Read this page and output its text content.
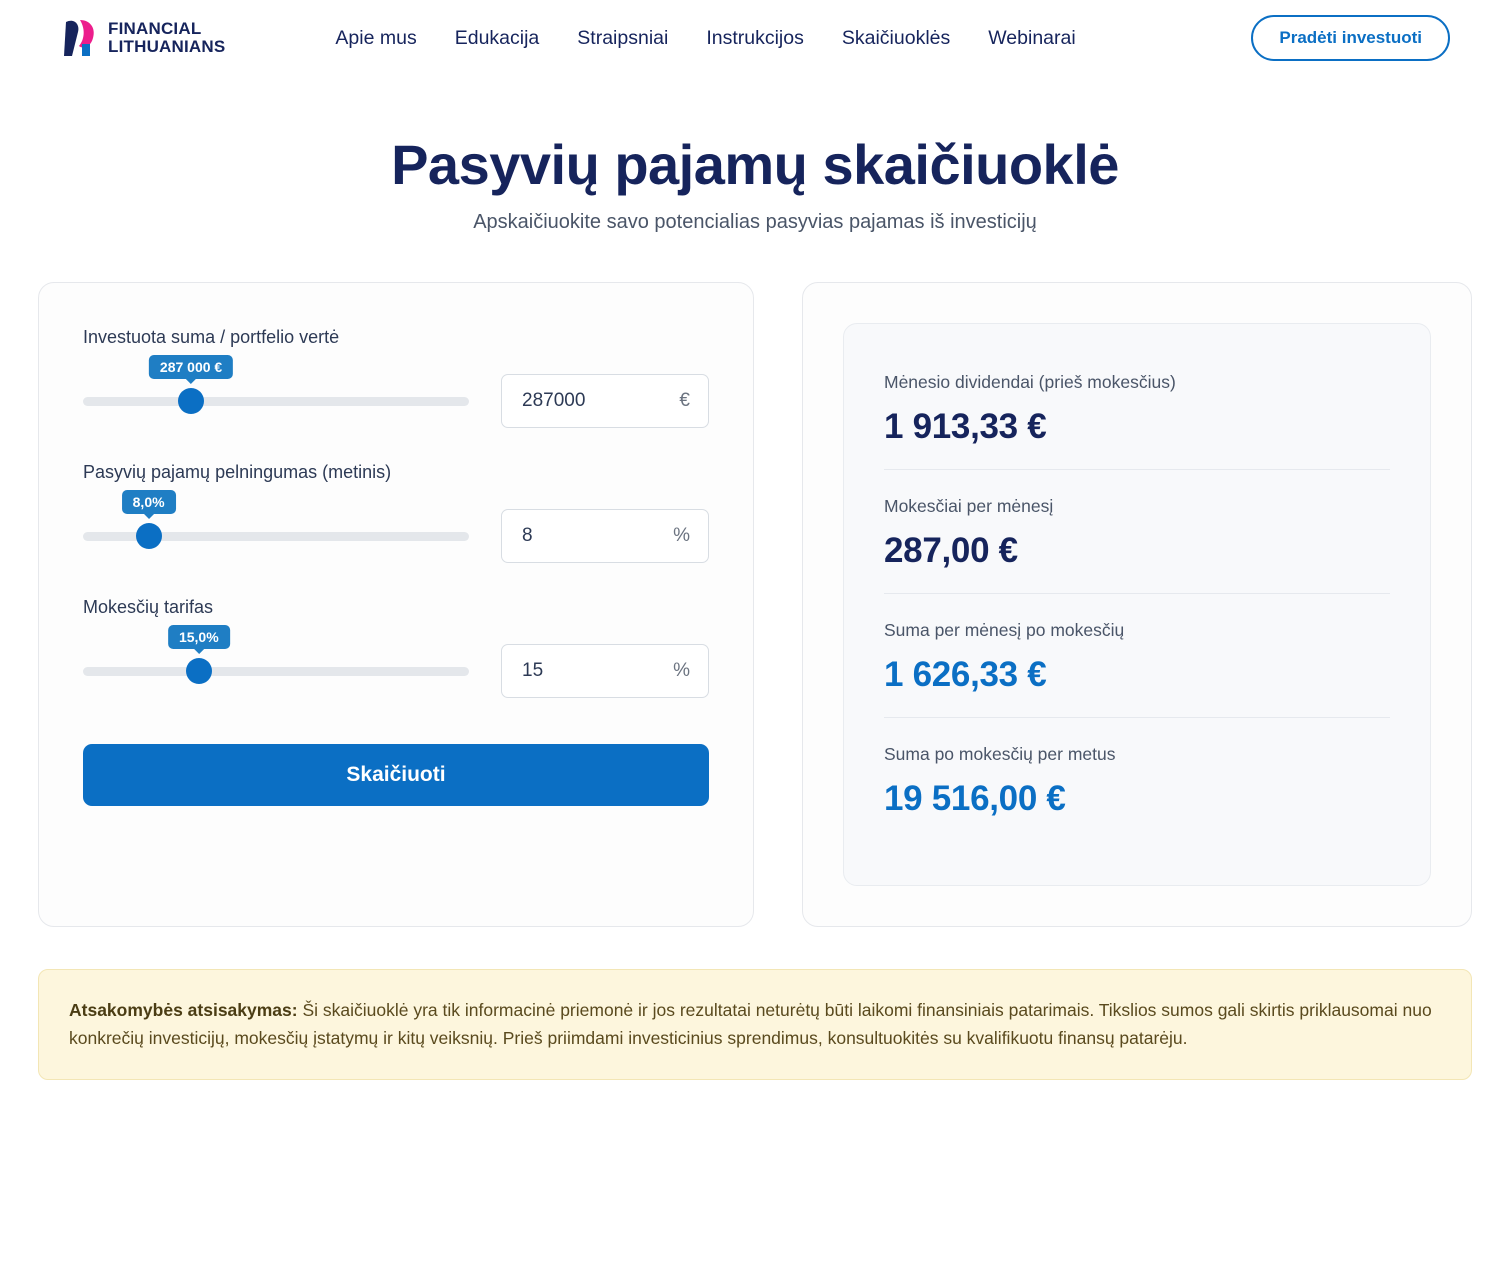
FINANCIAL
LITHUANIANS	Apie mus Edukacija Straipsniai Instrukcijos Skaičiuoklės Webinarai	Pradėti investuoti
Pasyvių pajamų skaičiuoklė
Apskaičiuokite savo potencialias pasyvias pajamas iš investicijų
Investuota suma / portfelio vertė
287 000 €
287000
€
Pasyvių pajamų pelningumas (metinis)
8,0%
8
%
Mokesčių tarifas
15,0%
15
%
Skaičiuoti
Mėnesio dividendai (prieš mokesčius)
1 913,33 €
Mokesčiai per mėnesį
287,00 €
Suma per mėnesį po mokesčių
1 626,33 €
Suma po mokesčių per metus
19 516,00 €
Atsakomybės atsisakymas: Ši skaičiuoklė yra tik informacinė priemonė ir jos rezultatai neturėtų būti laikomi finansiniais patarimais. Tikslios sumos gali skirtis priklausomai nuo konkrečių investicijų, mokesčių įstatymų ir kitų veiksnių. Prieš priimdami investicinius sprendimus, konsultuokitės su kvalifikuotu finansų patarėju.
